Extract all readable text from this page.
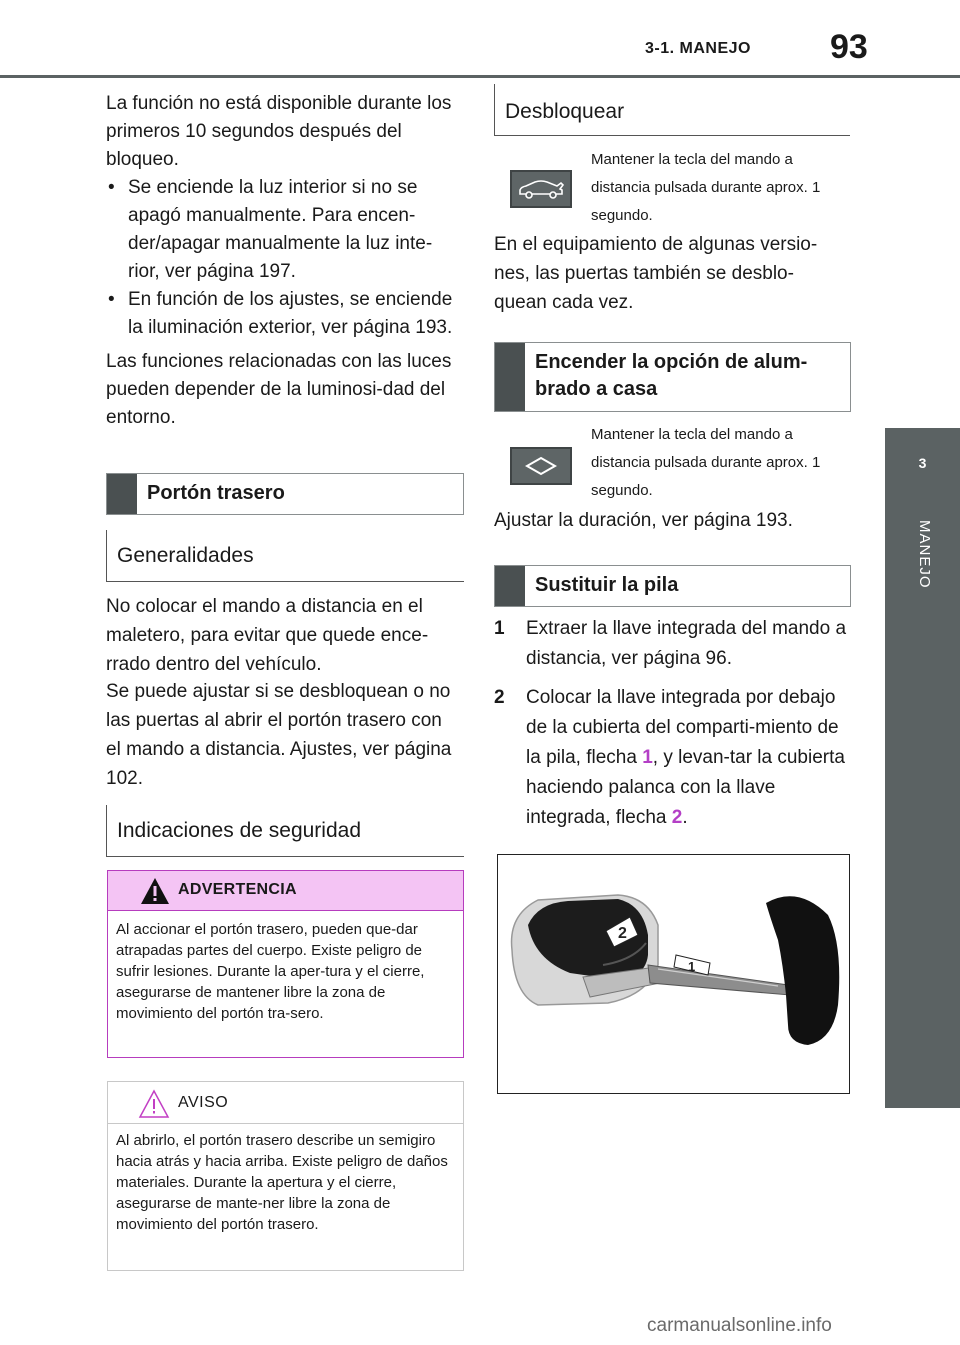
3-1. MANEJO 93
3
MANEJO

La función no está disponible durante los primeros 10 segundos después del bloqueo.

• Se enciende la luz interior si no se apagó manualmente. Para encen-der/apagar manualmente la luz inte-rior, ver página 197.
• En función de los ajustes, se enciende la iluminación exterior, ver página 193.

Las funciones relacionadas con las luces pueden depender de la luminosi-dad del entorno.

Portón trasero
Generalidades

No colocar el mando a distancia en el maletero, para evitar que quede ence-rrado dentro del vehículo.

Se puede ajustar si se desbloquean o no las puertas al abrir el portón trasero con el mando a distancia. Ajustes, ver página 102.

Indicaciones de seguridad
ADVERTENCIA
Al accionar el portón trasero, pueden que-dar atrapadas partes del cuerpo. Existe peligro de sufrir lesiones. Durante la aper-tura y el cierre, asegurarse de mantener libre la zona de movimiento del portón tra-sero.
AVISO
Al abrirlo, el portón trasero describe un semigiro hacia atrás y hacia arriba. Existe peligro de daños materiales. Durante la apertura y el cierre, asegurarse de mante-ner libre la zona de movimiento del portón trasero.
Desbloquear
Mantener la tecla del mando a distancia pulsada durante aprox. 1 segundo.

En el equipamiento de algunas versio-nes, las puertas también se desblo-quean cada vez.

Encender la opción de alum-brado a casa
Mantener la tecla del mando a distancia pulsada durante aprox. 1 segundo.

Ajustar la duración, ver página 193.

Sustituir la pila
1	Extraer la llave integrada del mando a distancia, ver página 96.
2	Colocar la llave integrada por debajo de la cubierta del comparti-miento de la pila, flecha 1, y levan-tar la cubierta haciendo palanca con la llave integrada, flecha 2.
2
1
carmanualsonline.info
